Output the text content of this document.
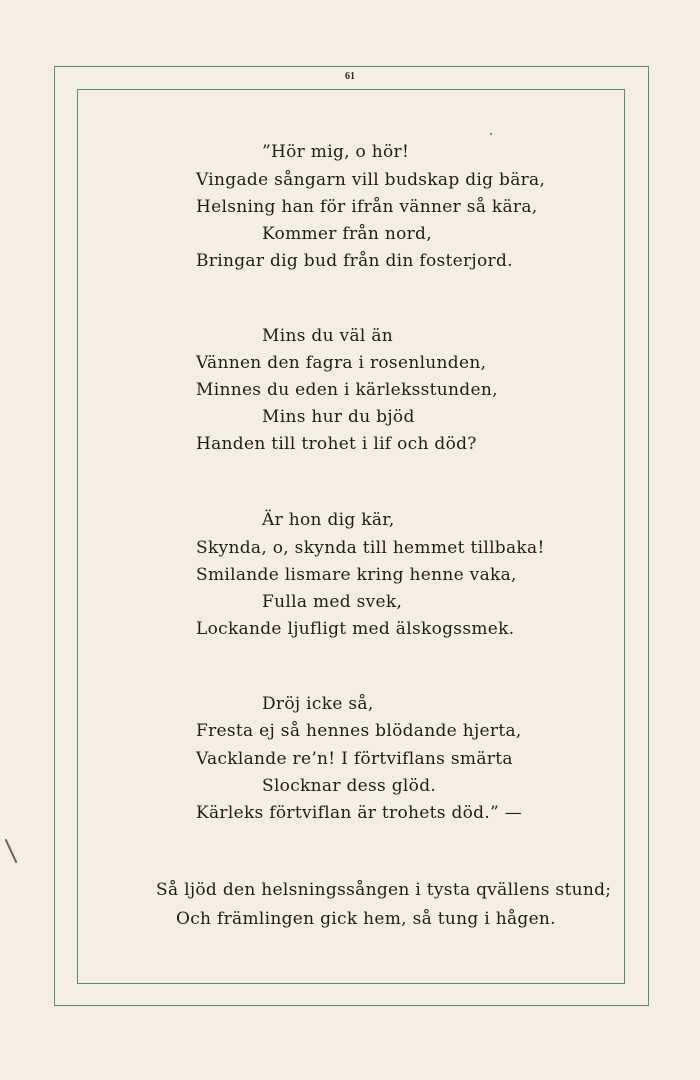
61
”Hör mig, o hör!
Vingade sångarn vill budskap dig bära,
Helsning han för ifrån vänner så kära,
Kommer från nord,
Bringar dig bud från din fosterjord.
Mins du väl än
Vännen den fagra i rosenlunden,
Minnes du eden i kärleksstunden,
Mins hur du bjöd
Handen till trohet i lif och död?
Är hon dig kär,
Skynda, o, skynda till hemmet tillbaka!
Smilande lismare kring henne vaka,
Fulla med svek,
Lockande ljufligt med älskogssmek.
Dröj icke så,
Fresta ej så hennes blödande hjerta,
Vacklande re’n! I förtviflans smärta
Slocknar dess glöd.
Kärleks förtviflan är trohets död.” —
Så ljöd den helsningssången i tysta qvällens stund;
Och främlingen gick hem, så tung i hågen.
